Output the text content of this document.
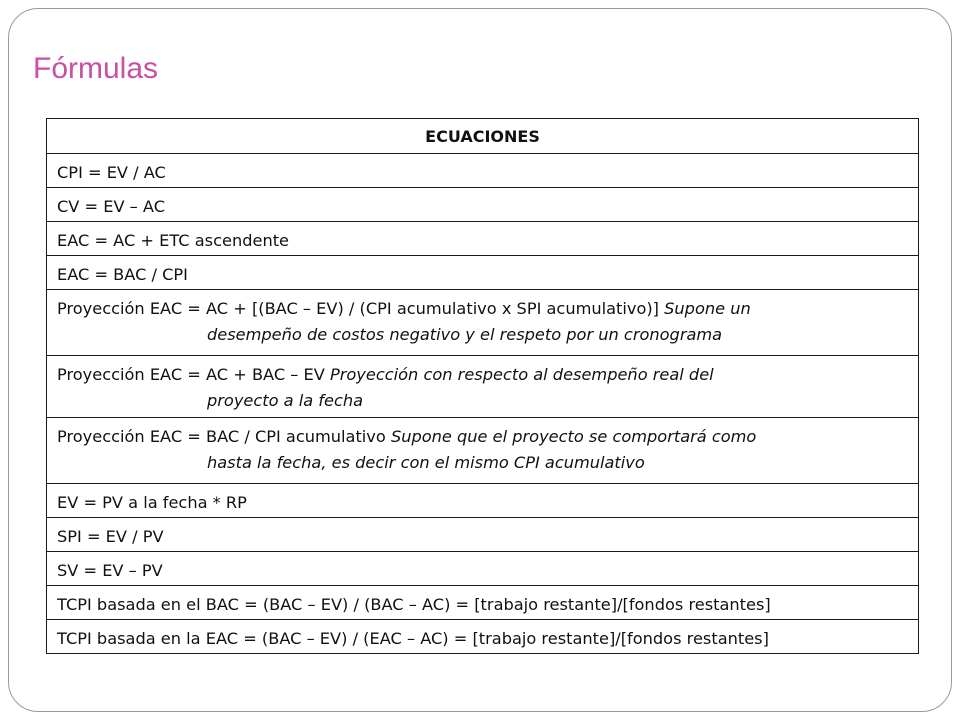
Fórmulas
ECUACIONES
CPI = EV / AC
CV = EV – AC
EAC = AC + ETC ascendente
EAC = BAC / CPI
Proyección EAC = AC + [(BAC – EV) / (CPI acumulativo x SPI acumulativo)] Supone un
desempeño de costos negativo y el respeto por un cronograma

Proyección EAC = AC + BAC – EV Proyección con respecto al desempeño real del
proyecto a la fecha

Proyección EAC = BAC / CPI acumulativo Supone que el proyecto se comportará como
hasta la fecha, es decir con el mismo CPI acumulativo

EV = PV a la fecha * RP
SPI = EV / PV
SV = EV – PV
TCPI basada en el BAC = (BAC – EV) / (BAC – AC) = [trabajo restante]/[fondos restantes]
TCPI basada en la EAC = (BAC – EV) / (EAC – AC) = [trabajo restante]/[fondos restantes]
